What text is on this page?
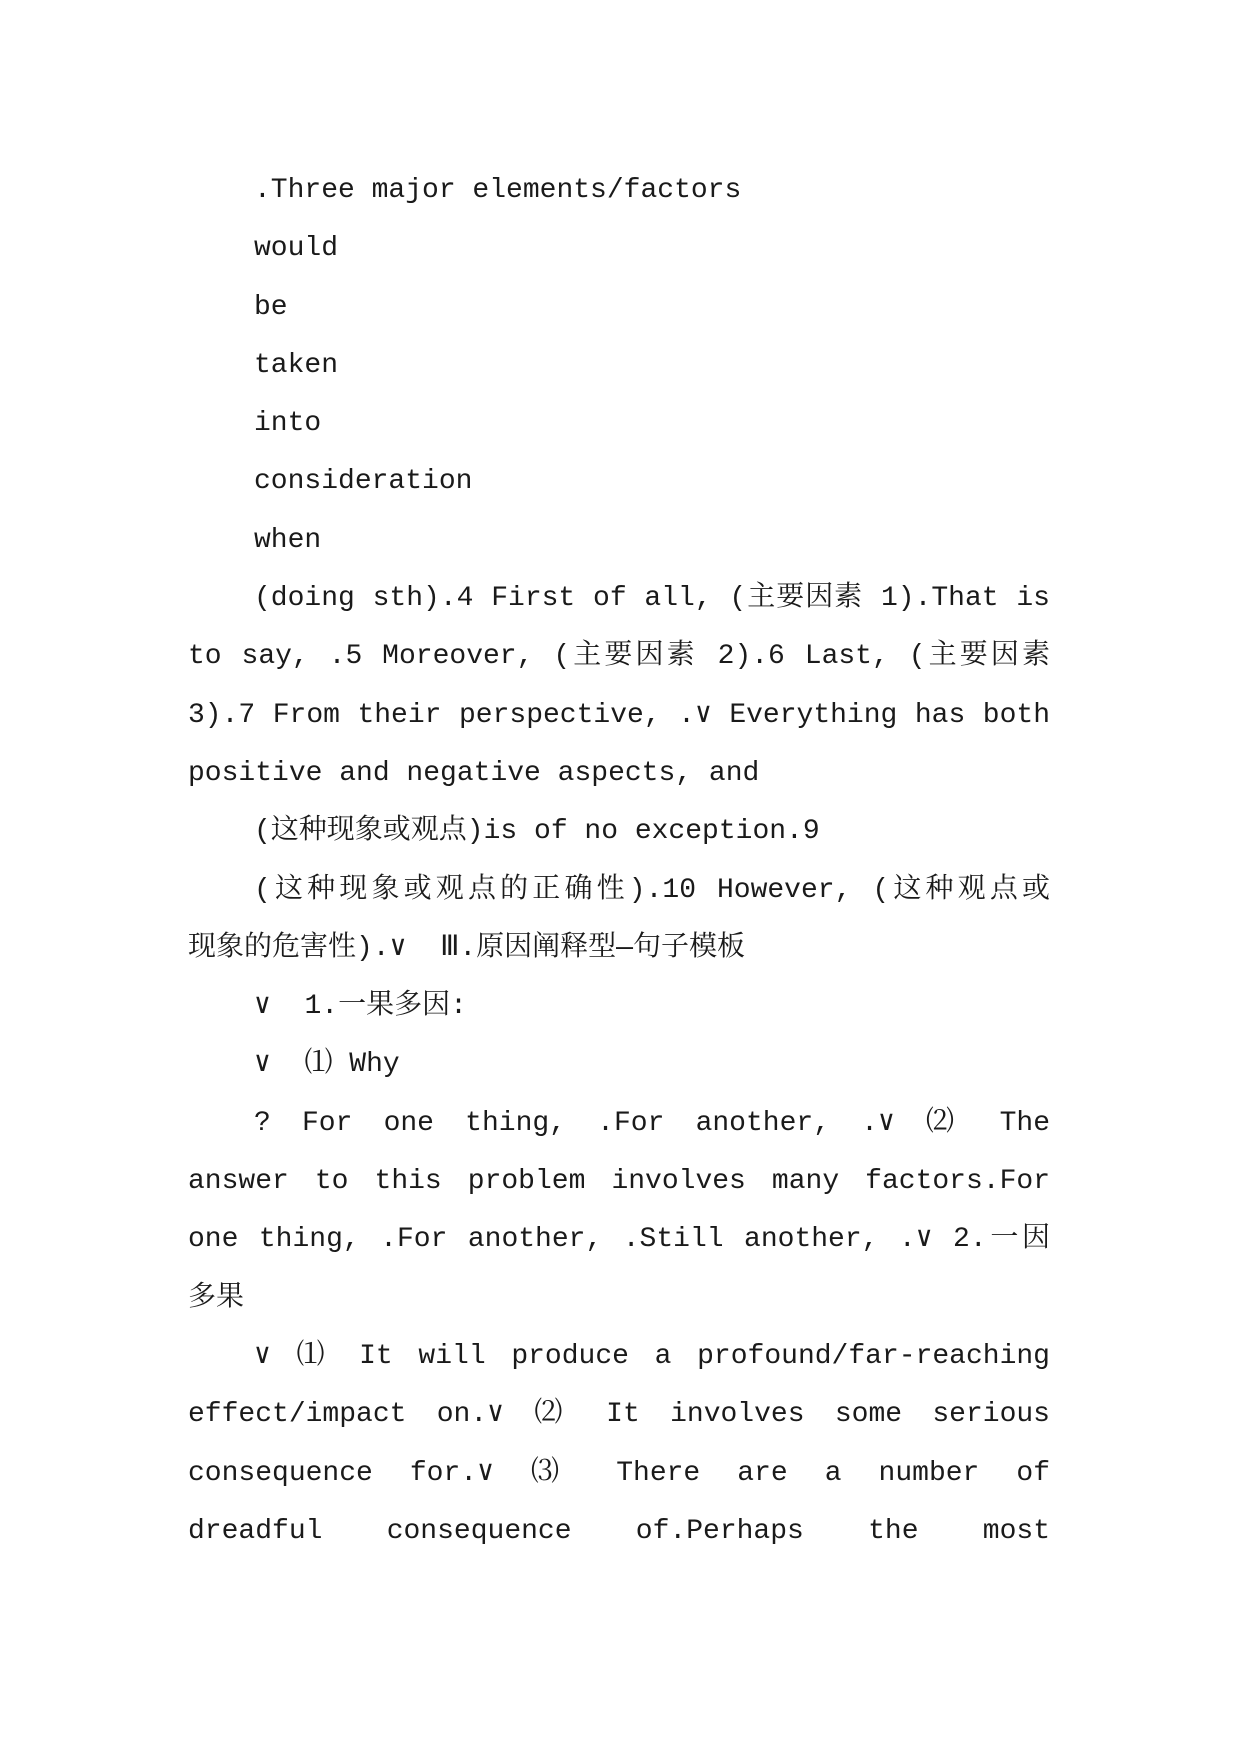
.Three major elements/factors
would
be
taken
into
consideration
when
(doing sth).4 First of all, (主要因素 1).That is
to say, .5 Moreover, (主要因素 2).6 Last, (主要因素
3).7 From their perspective, .∨ Everything has both
positive and negative aspects, and
(这种现象或观点)is of no exception.9
(这种现象或观点的正确性).10 However, (这种观点或
现象的危害性).∨  Ⅲ.原因阐释型—句子模板
∨  1.一果多因:
∨  ⑴ Why
? For one thing, .For another, .∨ ⑵ The
answer to this problem involves many factors.For
one thing, .For another, .Still another, .∨ 2.一因
多果
∨ ⑴ It will produce a profound/far-reaching
effect/impact on.∨ ⑵ It involves some serious
consequence for.∨ ⑶ There are a number of
dreadful consequence of.Perhaps the most
